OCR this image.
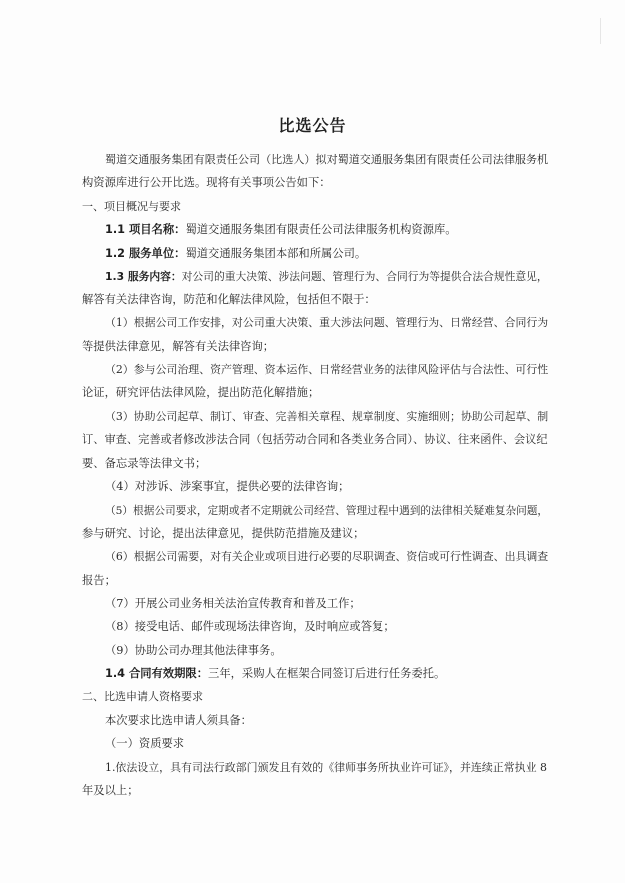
比选公告
蜀道交通服务集团有限责任公司（比选人）拟对蜀道交通服务集团有限责任公司法律服务机
构资源库进行公开比选。现将有关事项公告如下：
一、项目概况与要求
1.1 项目名称：蜀道交通服务集团有限责任公司法律服务机构资源库。
1.2 服务单位：蜀道交通服务集团本部和所属公司。
1.3 服务内容：对公司的重大决策、涉法问题、管理行为、合同行为等提供合法合规性意见，
解答有关法律咨询，防范和化解法律风险，包括但不限于：
（1）根据公司工作安排，对公司重大决策、重大涉法问题、管理行为、日常经营、合同行为
等提供法律意见，解答有关法律咨询；
（2）参与公司治理、资产管理、资本运作、日常经营业务的法律风险评估与合法性、可行性
论证，研究评估法律风险，提出防范化解措施；
（3）协助公司起草、制订、审查、完善相关章程、规章制度、实施细则；协助公司起草、制
订、审查、完善或者修改涉法合同（包括劳动合同和各类业务合同）、协议、往来函件、会议纪
要、备忘录等法律文书；
（4）对涉诉、涉案事宜，提供必要的法律咨询；
（5）根据公司要求，定期或者不定期就公司经营、管理过程中遇到的法律相关疑难复杂问题，
参与研究、讨论，提出法律意见，提供防范措施及建议；
（6）根据公司需要，对有关企业或项目进行必要的尽职调查、资信或可行性调查、出具调查
报告；
（7）开展公司业务相关法治宣传教育和普及工作；
（8）接受电话、邮件或现场法律咨询，及时响应或答复；
（9）协助公司办理其他法律事务。
1.4 合同有效期限：三年，采购人在框架合同签订后进行任务委托。
二、比选申请人资格要求
本次要求比选申请人须具备：
（一）资质要求
1.依法设立，具有司法行政部门颁发且有效的《律师事务所执业许可证》，并连续正常执业 8
年及以上；
